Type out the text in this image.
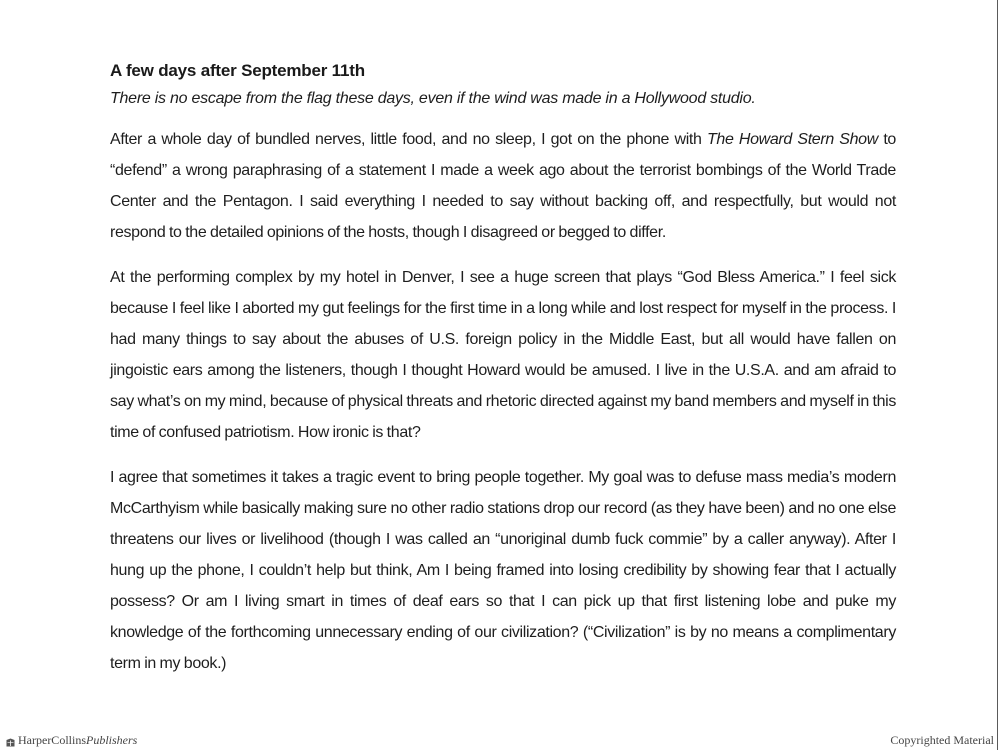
A few days after September 11th

There is no escape from the flag these days, even if the wind was made in a Hollywood studio.

After a whole day of bundled nerves, little food, and no sleep, I got on the phone with The Howard Stern Show to “defend” a wrong paraphrasing of a statement I made a week ago about the terrorist bombings of the World Trade Center and the Pentagon. I said everything I needed to say without backing off, and respectfully, but would not respond to the detailed opinions of the hosts, though I disagreed or begged to differ.

At the performing complex by my hotel in Denver, I see a huge screen that plays “God Bless America.” I feel sick because I feel like I aborted my gut feelings for the first time in a long while and lost respect for myself in the process. I had many things to say about the abuses of U.S. foreign policy in the Middle East, but all would have fallen on jingoistic ears among the listeners, though I thought Howard would be amused. I live in the U.S.A. and am afraid to say what’s on my mind, because of physical threats and rhetoric directed against my band members and myself in this time of confused patriotism. How ironic is that?

I agree that sometimes it takes a tragic event to bring people together. My goal was to defuse mass media’s modern McCarthyism while basically making sure no other radio stations drop our record (as they have been) and no one else threatens our lives or livelihood (though I was called an “unoriginal dumb fuck commie” by a caller anyway). After I hung up the phone, I couldn’t help but think, Am I being framed into losing credibility by showing fear that I actually possess? Or am I living smart in times of deaf ears so that I can pick up that first listening lobe and puke my knowledge of the forthcoming unnecessary ending of our civilization? (“Civilization” is by no means a complimentary term in my book.)

HarperCollinsPublishers	Copyrighted Material
